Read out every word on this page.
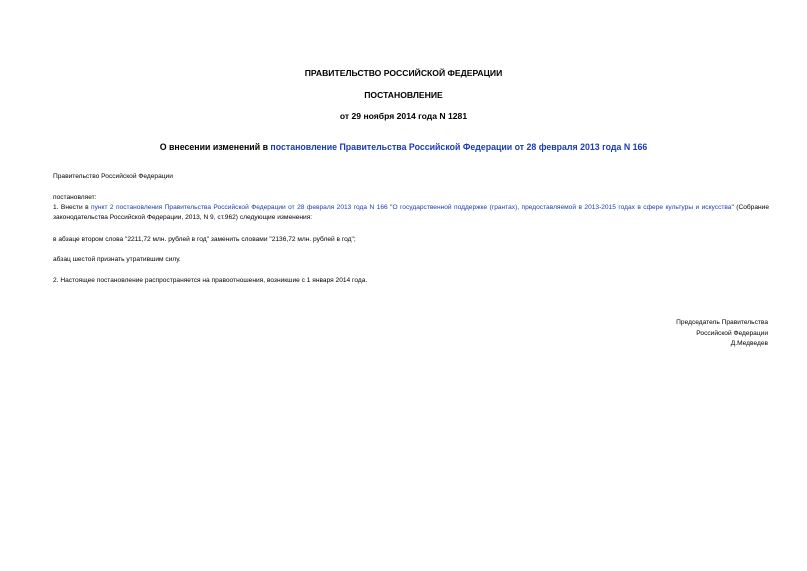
ПРАВИТЕЛЬСТВО РОССИЙСКОЙ ФЕДЕРАЦИИ
ПОСТАНОВЛЕНИЕ
от 29 ноября 2014 года N 1281
О внесении изменений в постановление Правительства Российской Федерации от 28 февраля 2013 года N 166
Правительство Российской Федерации
постановляет:
1. Внести в пункт 2 постановления Правительства Российской Федерации от 28 февраля 2013 года N 166 "О государственной поддержке (грантах), предоставляемой в 2013-2015 годах в сфере культуры и искусства" (Собрание законодательства Российской Федерации, 2013, N 9, ст.962) следующие изменения:
в абзаце втором слова "2211,72 млн. рублей в год" заменить словами "2136,72 млн. рублей в год";
абзац шестой признать утратившим силу.
2. Настоящее постановление распространяется на правоотношения, возникшие с 1 января 2014 года.
Председатель Правительства
Российской Федерации
Д.Медведев
